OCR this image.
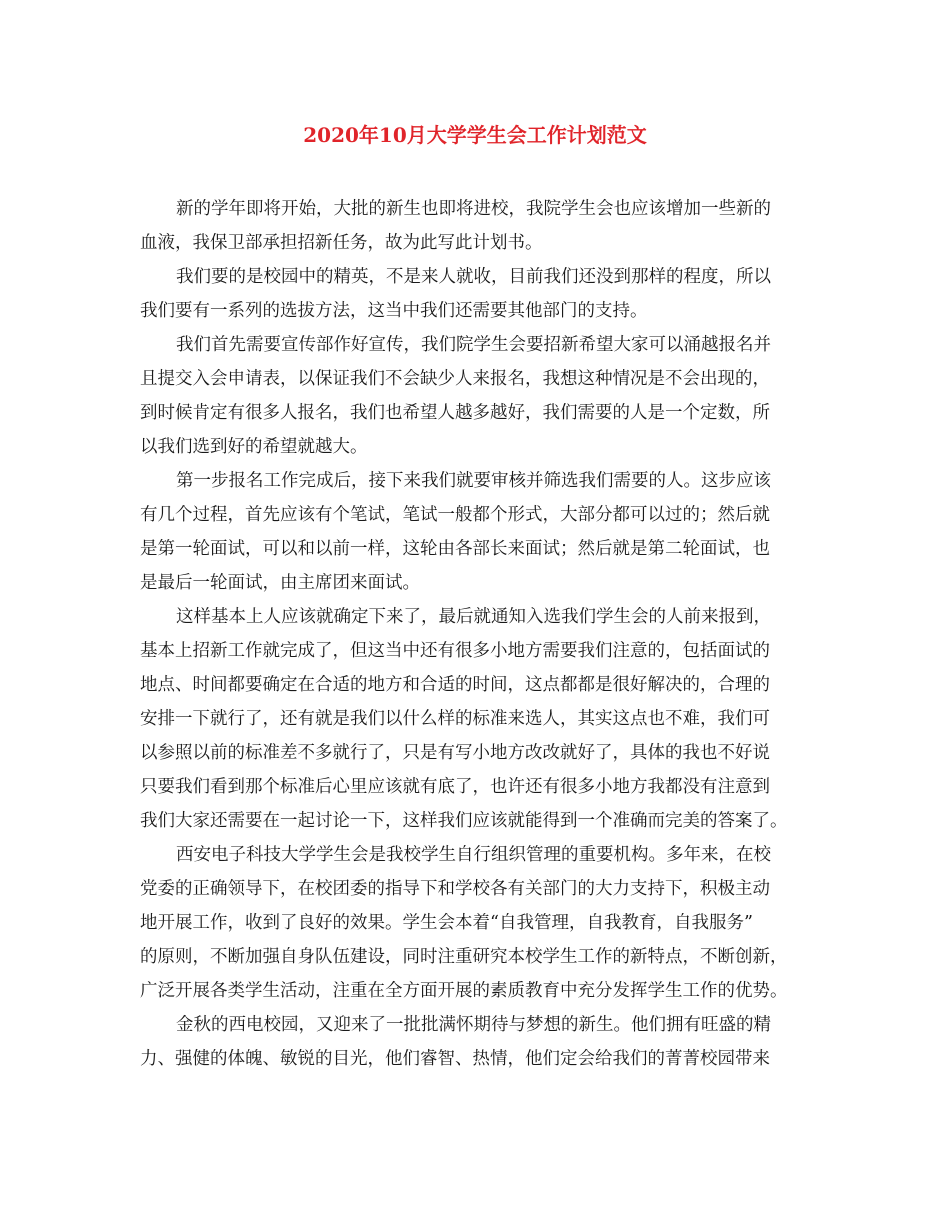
2020年10月大学学生会工作计划范文

新的学年即将开始，大批的新生也即将进校，我院学生会也应该增加一些新的
血液，我保卫部承担招新任务，故为此写此计划书。

我们要的是校园中的精英，不是来人就收，目前我们还没到那样的程度，所以
我们要有一系列的选拔方法，这当中我们还需要其他部门的支持。

我们首先需要宣传部作好宣传，我们院学生会要招新希望大家可以涌越报名并
且提交入会申请表，以保证我们不会缺少人来报名，我想这种情况是不会出现的，
到时候肯定有很多人报名，我们也希望人越多越好，我们需要的人是一个定数，所
以我们选到好的希望就越大。

第一步报名工作完成后，接下来我们就要审核并筛选我们需要的人。这步应该
有几个过程，首先应该有个笔试，笔试一般都个形式，大部分都可以过的；然后就
是第一轮面试，可以和以前一样，这轮由各部长来面试；然后就是第二轮面试，也
是最后一轮面试，由主席团来面试。

这样基本上人应该就确定下来了，最后就通知入选我们学生会的人前来报到，
基本上招新工作就完成了，但这当中还有很多小地方需要我们注意的，包括面试的
地点、时间都要确定在合适的地方和合适的时间，这点都都是很好解决的，合理的
安排一下就行了，还有就是我们以什么样的标准来选人，其实这点也不难，我们可
以参照以前的标准差不多就行了，只是有写小地方改改就好了，具体的我也不好说
只要我们看到那个标准后心里应该就有底了，也许还有很多小地方我都没有注意到
我们大家还需要在一起讨论一下，这样我们应该就能得到一个准确而完美的答案了。

西安电子科技大学学生会是我校学生自行组织管理的重要机构。多年来，在校
党委的正确领导下，在校团委的指导下和学校各有关部门的大力支持下，积极主动
地开展工作，收到了良好的效果。学生会本着“自我管理，自我教育，自我服务”
的原则，不断加强自身队伍建设，同时注重研究本校学生工作的新特点，不断创新，
广泛开展各类学生活动，注重在全方面开展的素质教育中充分发挥学生工作的优势。

金秋的西电校园，又迎来了一批批满怀期待与梦想的新生。他们拥有旺盛的精
力、强健的体魄、敏锐的目光，他们睿智、热情，他们定会给我们的菁菁校园带来
